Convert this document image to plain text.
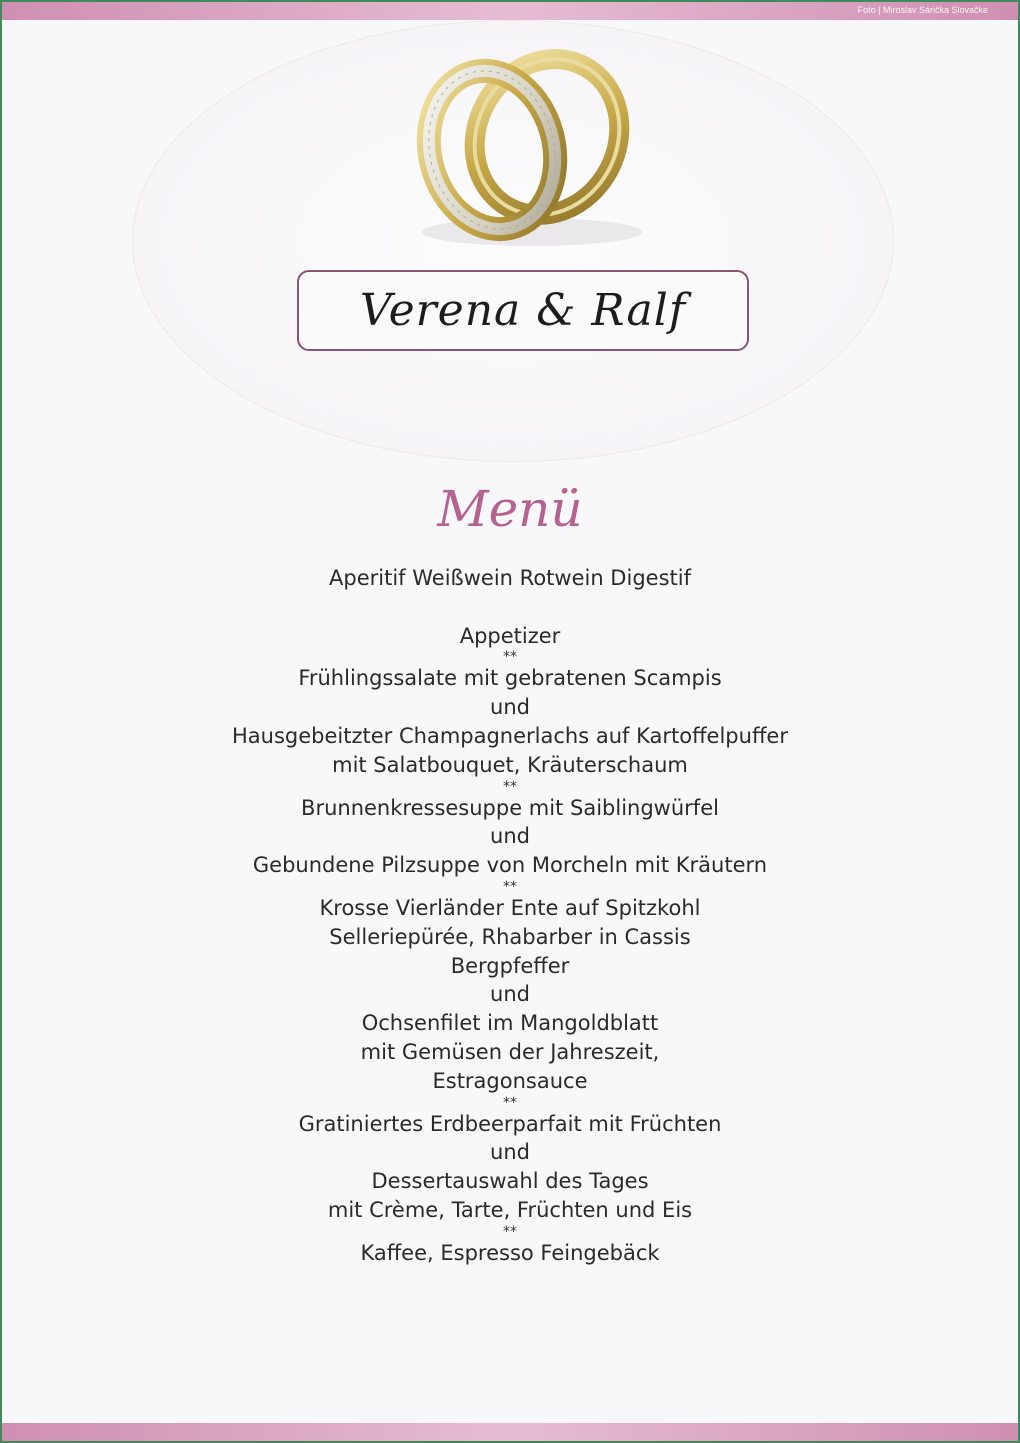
Foto | Miroslav Sárička Slovačke
Verena & Ralf
Menü
Aperitif Weißwein Rotwein Digestif
Appetizer
**
Frühlingssalate mit gebratenen Scampis
und
Hausgebeitzter Champagnerlachs auf Kartoffelpuffer
mit Salatbouquet, Kräuterschaum
**
Brunnenkressesuppe mit Saiblingwürfel
und
Gebundene Pilzsuppe von Morcheln mit Kräutern
**
Krosse Vierländer Ente auf Spitzkohl
Selleriepürée, Rhabarber in Cassis
Bergpfeffer
und
Ochsenfilet im Mangoldblatt
mit Gemüsen der Jahreszeit,
Estragonsauce
**
Gratiniertes Erdbeerparfait mit Früchten
und
Dessertauswahl des Tages
mit Crème, Tarte, Früchten und Eis
**
Kaffee, Espresso Feingebäck
